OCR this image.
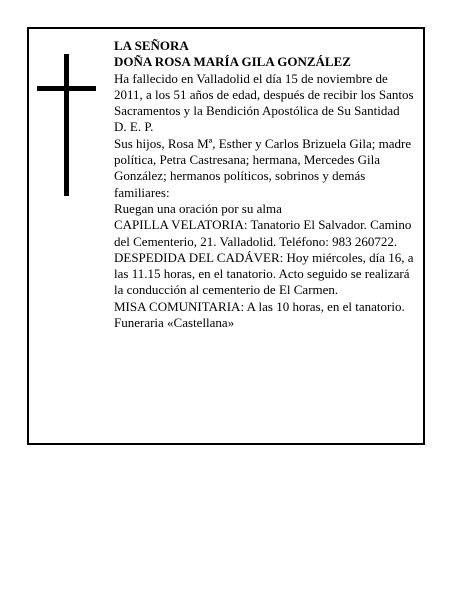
LA SEÑORA

DOÑA ROSA MARÍA GILA GONZÁLEZ

Ha fallecido en Valladolid el día 15 de noviembre de 2011, a los 51 años de edad, después de recibir los Santos Sacramentos y la Bendición Apostólica de Su Santidad

D. E. P.

Sus hijos, Rosa Mª, Esther y Carlos Brizuela Gila; madre política, Petra Castresana; hermana, Mercedes Gila González; hermanos políticos, sobrinos y demás familiares:

Ruegan una oración por su alma

CAPILLA VELATORIA: Tanatorio El Salvador. Camino del Cementerio, 21. Valladolid. Teléfono: 983 260722.

DESPEDIDA DEL CADÁVER: Hoy miércoles, día 16, a las 11.15 horas, en el tanatorio. Acto seguido se realizará la conducción al cementerio de El Carmen.

MISA COMUNITARIA: A las 10 horas, en el tanatorio.

Funeraria «Castellana»
